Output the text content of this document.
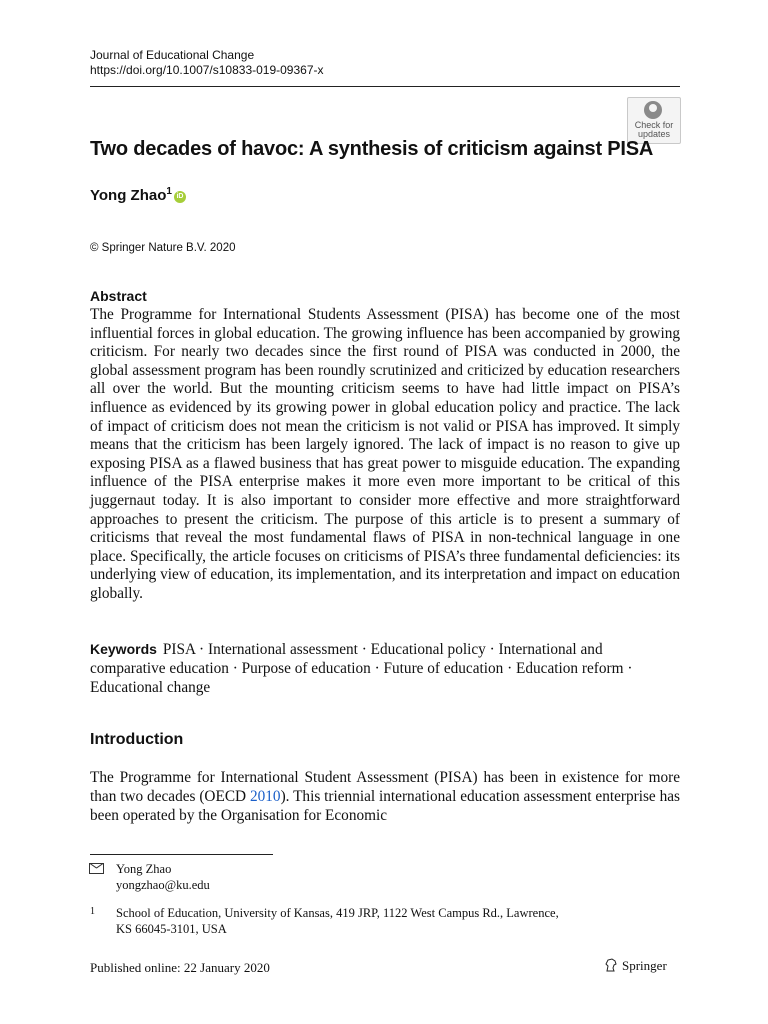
Journal of Educational Change
https://doi.org/10.1007/s10833-019-09367-x
Check for updates
Two decades of havoc: A synthesis of criticism against PISA
Yong Zhao$^1$ iD
© Springer Nature B.V. 2020
Abstract
The Programme for International Students Assessment (PISA) has become one of the most influential forces in global education. The growing influence has been accompanied by growing criticism. For nearly two decades since the first round of PISA was conducted in 2000, the global assessment program has been roundly scrutinized and criticized by education researchers all over the world. But the mounting criticism seems to have had little impact on PISA’s influence as evidenced by its growing power in global education policy and practice. The lack of impact of criticism does not mean the criticism is not valid or PISA has improved. It simply means that the criticism has been largely ignored. The lack of impact is no reason to give up exposing PISA as a flawed business that has great power to misguide education. The expanding influence of the PISA enterprise makes it more even more important to be critical of this juggernaut today. It is also important to consider more effective and more straightforward approaches to present the criticism. The purpose of this article is to present a summary of criticisms that reveal the most fundamental flaws of PISA in non-technical language in one place. Specifically, the article focuses on criticisms of PISA’s three fundamental deficiencies: its underlying view of education, its implementation, and its interpretation and impact on education globally.
Keywords PISA · International assessment · Educational policy · International and comparative education · Purpose of education · Future of education · Education reform · Educational change
Introduction
The Programme for International Student Assessment (PISA) has been in existence for more than two decades (OECD 2010). This triennial international education assessment enterprise has been operated by the Organisation for Economic
Yong Zhao
yongzhao@ku.edu
1 School of Education, University of Kansas, 419 JRP, 1122 West Campus Rd., Lawrence,
KS 66045-3101, USA
Published online: 22 January 2020	Springer
